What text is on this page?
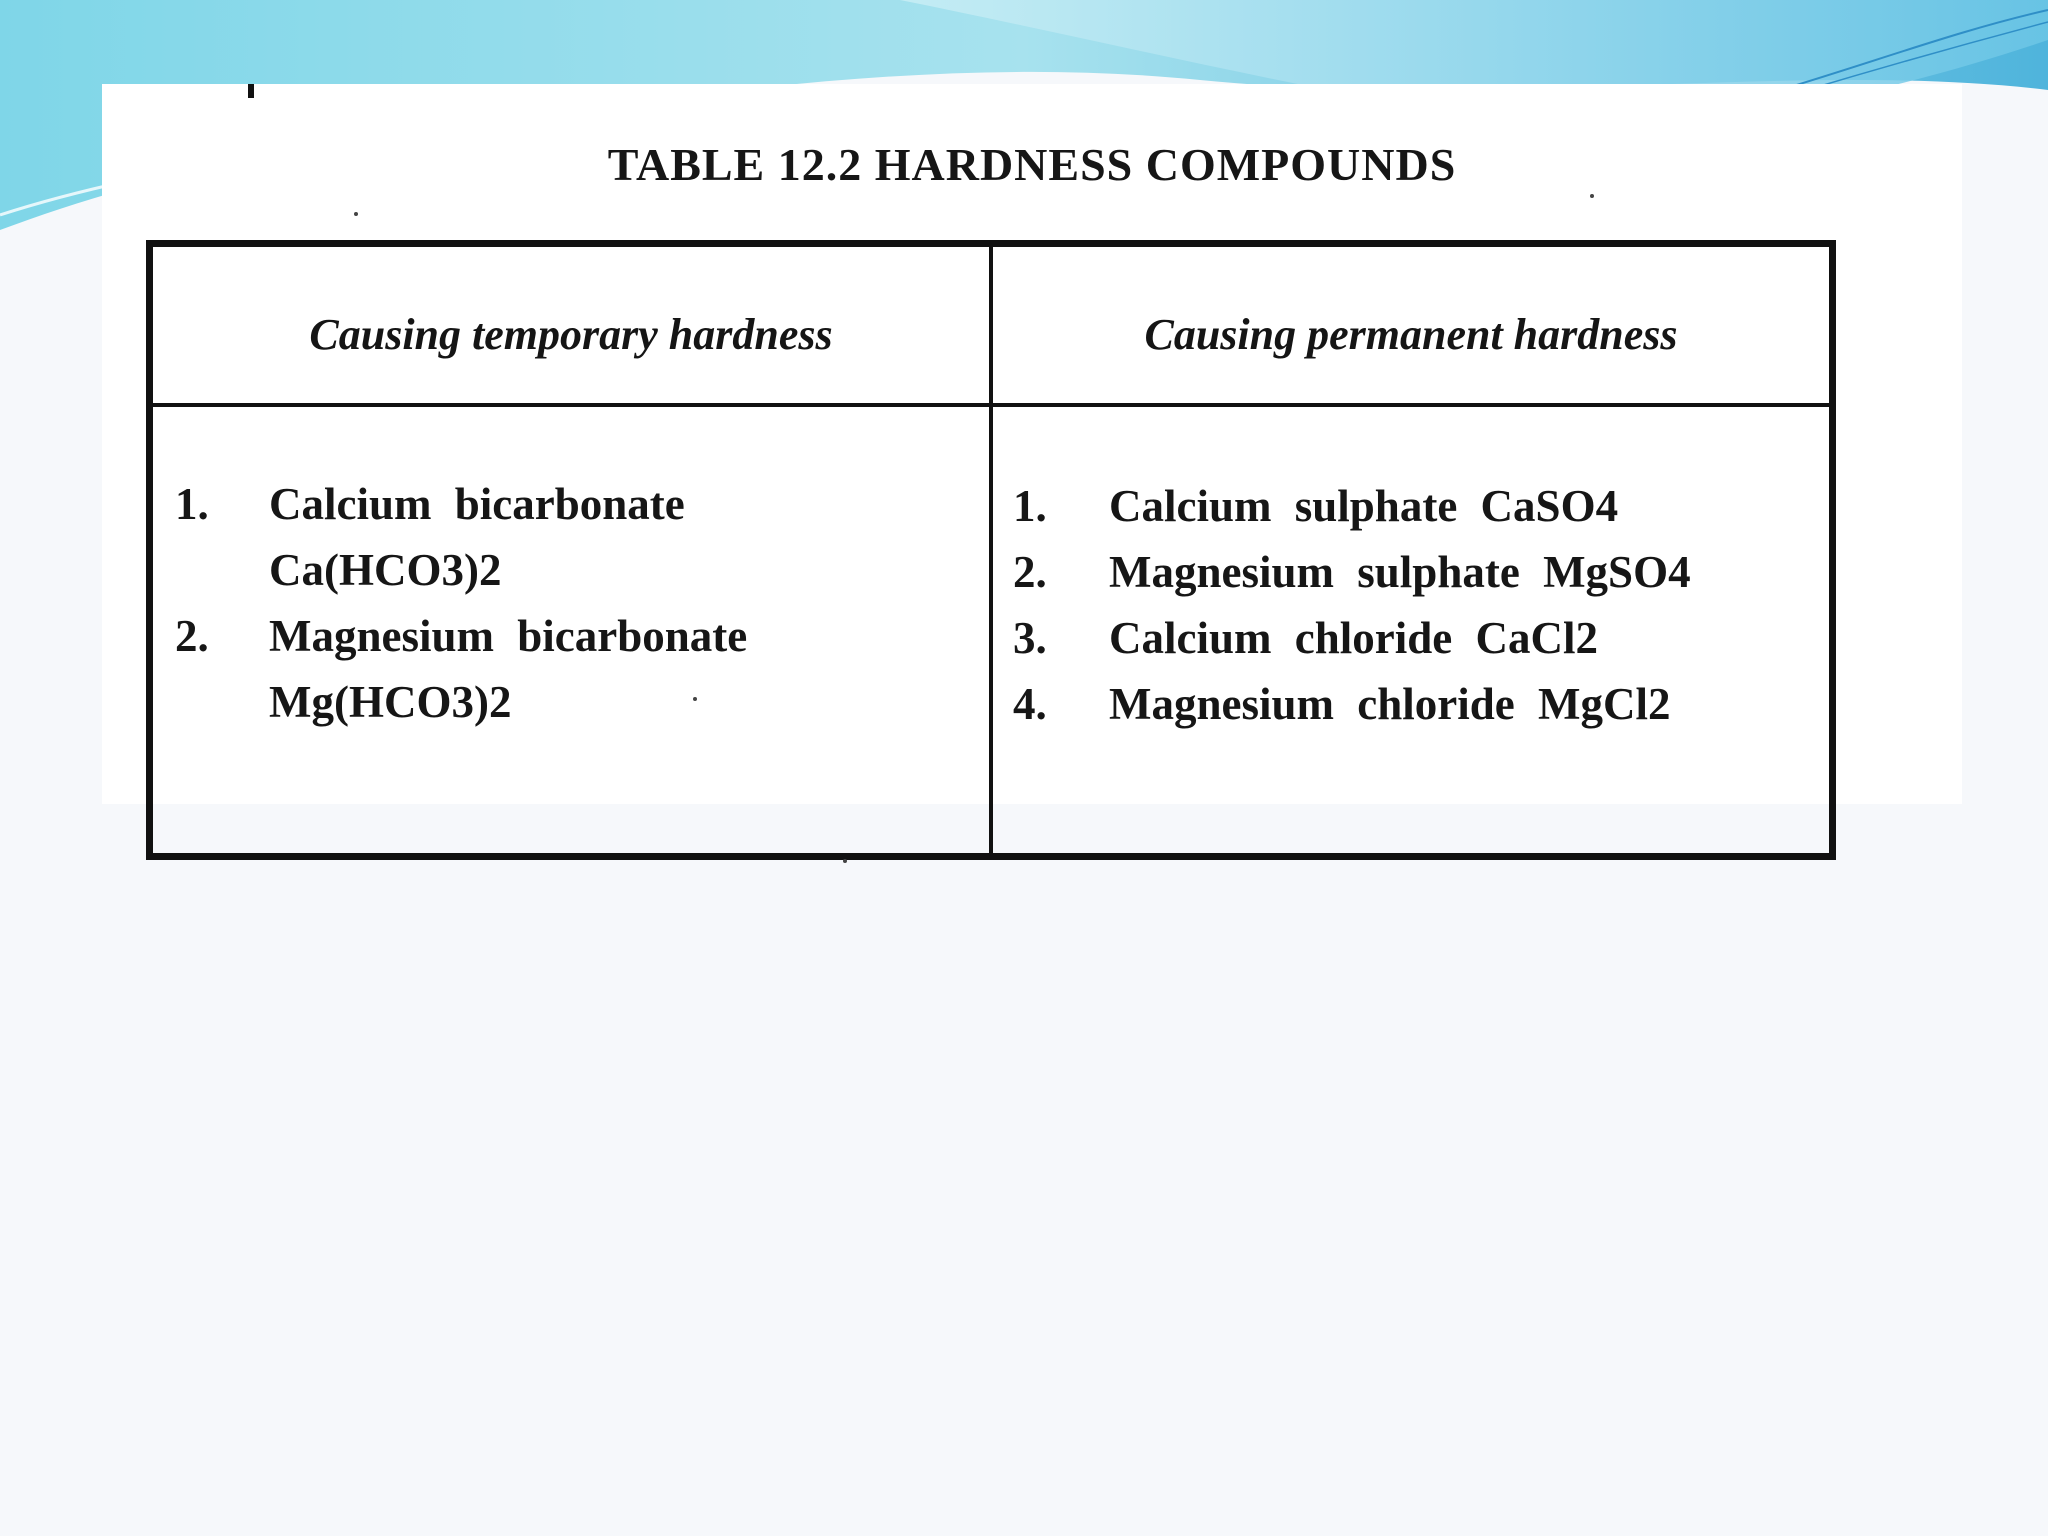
TABLE 12.2 HARDNESS COMPOUNDS
Causing temporary hardness	Causing permanent hardness
1. Calcium bicarbonate
Ca(HCO3)2
2. Magnesium bicarbonate
Mg(HCO3)2
1. Calcium sulphate CaSO4
2. Magnesium sulphate MgSO4
3. Calcium chloride CaCl2
4. Magnesium chloride MgCl2
